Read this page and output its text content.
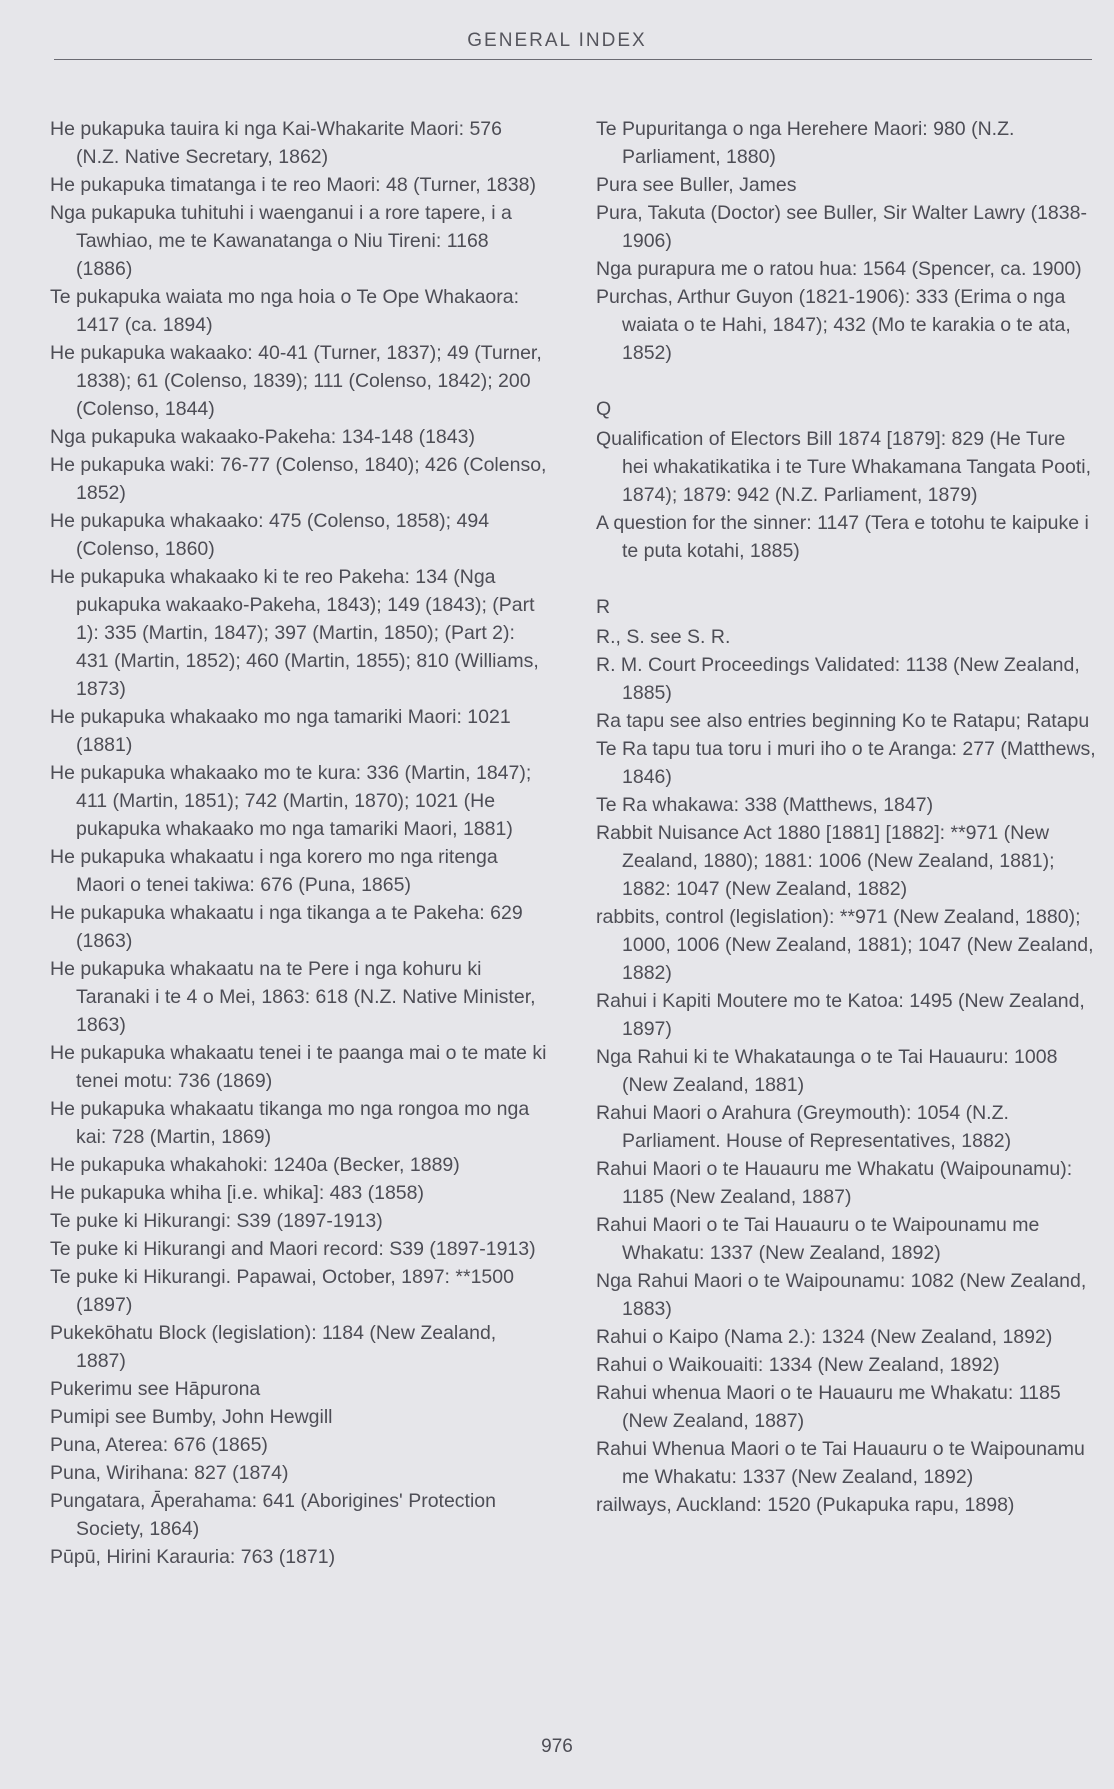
GENERAL INDEX

He pukapuka tauira ki nga Kai-Whakarite Maori: 576 (N.Z. Native Secretary, 1862)

He pukapuka timatanga i te reo Maori: 48 (Turner, 1838)

Nga pukapuka tuhituhi i waenganui i a rore tapere, i a Tawhiao, me te Kawanatanga o Niu Tireni: 1168 (1886)

Te pukapuka waiata mo nga hoia o Te Ope Whakaora: 1417 (ca. 1894)

He pukapuka wakaako: 40-41 (Turner, 1837); 49 (Turner, 1838); 61 (Colenso, 1839); 111 (Colenso, 1842); 200 (Colenso, 1844)

Nga pukapuka wakaako-Pakeha: 134-148 (1843)

He pukapuka waki: 76-77 (Colenso, 1840); 426 (Colenso, 1852)

He pukapuka whakaako: 475 (Colenso, 1858); 494 (Colenso, 1860)

He pukapuka whakaako ki te reo Pakeha: 134 (Nga pukapuka wakaako-Pakeha, 1843); 149 (1843); (Part 1): 335 (Martin, 1847); 397 (Martin, 1850); (Part 2): 431 (Martin, 1852); 460 (Martin, 1855); 810 (Williams, 1873)

He pukapuka whakaako mo nga tamariki Maori: 1021 (1881)

He pukapuka whakaako mo te kura: 336 (Martin, 1847); 411 (Martin, 1851); 742 (Martin, 1870); 1021 (He pukapuka whakaako mo nga tamariki Maori, 1881)

He pukapuka whakaatu i nga korero mo nga ritenga Maori o tenei takiwa: 676 (Puna, 1865)

He pukapuka whakaatu i nga tikanga a te Pakeha: 629 (1863)

He pukapuka whakaatu na te Pere i nga kohuru ki Taranaki i te 4 o Mei, 1863: 618 (N.Z. Native Minister, 1863)

He pukapuka whakaatu tenei i te paanga mai o te mate ki tenei motu: 736 (1869)

He pukapuka whakaatu tikanga mo nga rongoa mo nga kai: 728 (Martin, 1869)

He pukapuka whakahoki: 1240a (Becker, 1889)

He pukapuka whiha [i.e. whika]: 483 (1858)

Te puke ki Hikurangi: S39 (1897-1913)

Te puke ki Hikurangi and Maori record: S39 (1897-1913)

Te puke ki Hikurangi. Papawai, October, 1897: **1500 (1897)

Pukekōhatu Block (legislation): 1184 (New Zealand, 1887)

Pukerimu see Hāpurona

Pumipi see Bumby, John Hewgill

Puna, Aterea: 676 (1865)

Puna, Wirihana: 827 (1874)

Pungatara, Āperahama: 641 (Aborigines' Protection Society, 1864)

Pūpū, Hirini Karauria: 763 (1871)

Te Pupuritanga o nga Herehere Maori: 980 (N.Z. Parliament, 1880)

Pura see Buller, James

Pura, Takuta (Doctor) see Buller, Sir Walter Lawry (1838-1906)

Nga purapura me o ratou hua: 1564 (Spencer, ca. 1900)

Purchas, Arthur Guyon (1821-1906): 333 (Erima o nga waiata o te Hahi, 1847); 432 (Mo te karakia o te ata, 1852)

Q

Qualification of Electors Bill 1874 [1879]: 829 (He Ture hei whakatikatika i te Ture Whakamana Tangata Pooti, 1874); 1879: 942 (N.Z. Parliament, 1879)

A question for the sinner: 1147 (Tera e totohu te kaipuke i te puta kotahi, 1885)

R

R., S. see S. R.

R. M. Court Proceedings Validated: 1138 (New Zealand, 1885)

Ra tapu see also entries beginning Ko te Ratapu; Ratapu

Te Ra tapu tua toru i muri iho o te Aranga: 277 (Matthews, 1846)

Te Ra whakawa: 338 (Matthews, 1847)

Rabbit Nuisance Act 1880 [1881] [1882]: **971 (New Zealand, 1880); 1881: 1006 (New Zealand, 1881); 1882: 1047 (New Zealand, 1882)

rabbits, control (legislation): **971 (New Zealand, 1880); 1000, 1006 (New Zealand, 1881); 1047 (New Zealand, 1882)

Rahui i Kapiti Moutere mo te Katoa: 1495 (New Zealand, 1897)

Nga Rahui ki te Whakataunga o te Tai Hauauru: 1008 (New Zealand, 1881)

Rahui Maori o Arahura (Greymouth): 1054 (N.Z. Parliament. House of Representatives, 1882)

Rahui Maori o te Hauauru me Whakatu (Waipounamu): 1185 (New Zealand, 1887)

Rahui Maori o te Tai Hauauru o te Waipounamu me Whakatu: 1337 (New Zealand, 1892)

Nga Rahui Maori o te Waipounamu: 1082 (New Zealand, 1883)

Rahui o Kaipo (Nama 2.): 1324 (New Zealand, 1892)

Rahui o Waikouaiti: 1334 (New Zealand, 1892)

Rahui whenua Maori o te Hauauru me Whakatu: 1185 (New Zealand, 1887)

Rahui Whenua Maori o te Tai Hauauru o te Waipounamu me Whakatu: 1337 (New Zealand, 1892)

railways, Auckland: 1520 (Pukapuka rapu, 1898)

976
